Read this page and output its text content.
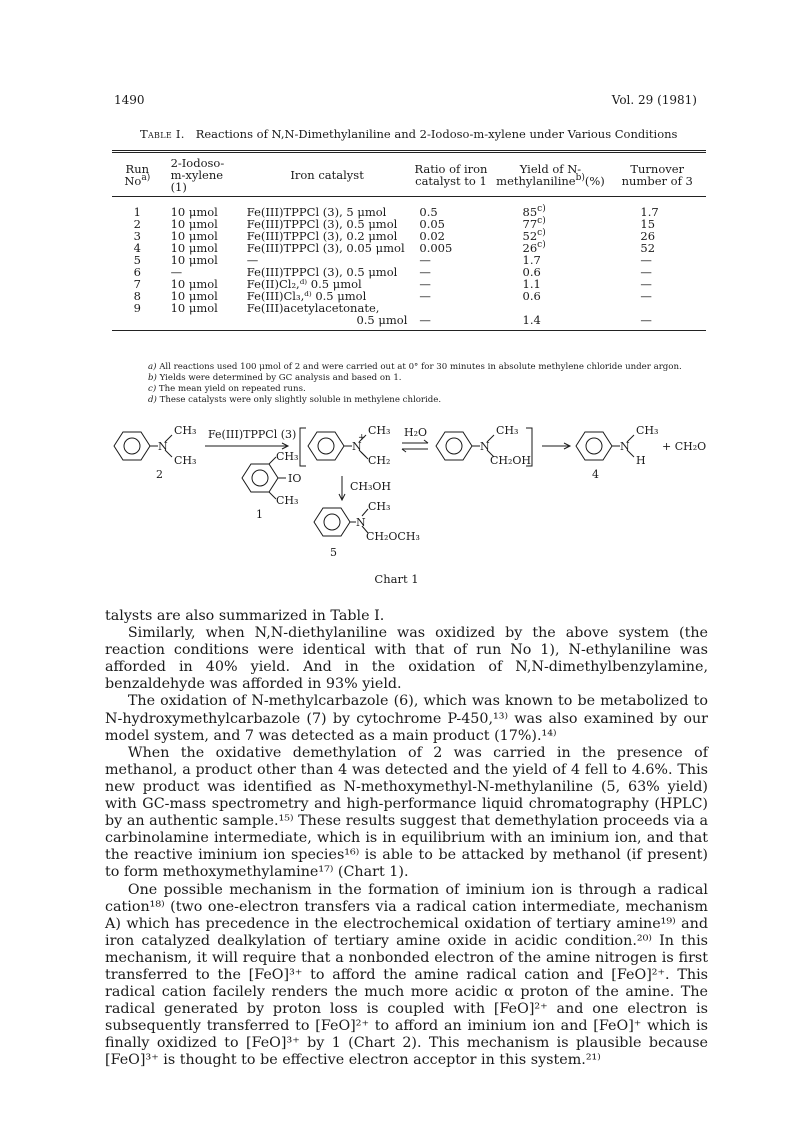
1490	Vol. 29 (1981)
Table I. Reactions of N,N-Dimethylaniline and 2-Iodoso-m-xylene under Various Conditions
Run No$^{a)}$	2-Iodoso-
m-xylene (1)	Iron catalyst	Ratio of iron
catalyst to 1	Yield of N-
methylaniline$^{b)}$(%)	Turnover
number of 3
1	10 μmol	Fe(III)TPPCl (3), 5 μmol	0.5	85$^{c)}$	1.7
2	10 μmol	Fe(III)TPPCl (3), 0.5 μmol	0.05	77$^{c)}$	15
3	10 μmol	Fe(III)TPPCl (3), 0.2 μmol	0.02	52$^{c)}$	26
4	10 μmol	Fe(III)TPPCl (3), 0.05 μmol	0.005	26$^{c)}$	52
5	10 μmol	—	—	1.7	—
6	—	Fe(III)TPPCl (3), 0.5 μmol	—	0.6	—
7	10 μmol	Fe(II)Cl₂,ᵈ⁾ 0.5 μmol	—	1.1	—
8	10 μmol	Fe(III)Cl₃,ᵈ⁾ 0.5 μmol	—	0.6	—
9	10 μmol	Fe(III)acetylacetonate,			
		0.5 μmol	—	1.4	—
a) All reactions used 100 μmol of 2 and were carried out at 0° for 30 minutes in absolute methylene chloride under argon.
b) Yields were determined by GC analysis and based on 1.
c) The mean yield on repeated runs.
d) These catalysts were only slightly soluble in methylene chloride.
CH₃
N
CH₃
2
Fe(III)TPPCl (3)	CH₃
N
+
CH₂
H₂O	CH₃
N
CH₂OH
CH₃
N
H
+ CH₂O
4
CH₃
IO
CH₃
1
CH₃OH
CH₃
N
CH₂OCH₃
5
Chart 1

talysts are also summarized in Table I.

Similarly, when N,N-diethylaniline was oxidized by the above system (the reaction conditions were identical with that of run No 1), N-ethylaniline was afforded in 40% yield. And in the oxidation of N,N-dimethylbenzylamine, benzaldehyde was afforded in 93% yield.

The oxidation of N-methylcarbazole (6), which was known to be metabolized to N-hydroxymethylcarbazole (7) by cytochrome P-450,¹³⁾ was also examined by our model system, and 7 was detected as a main product (17%).¹⁴⁾

When the oxidative demethylation of 2 was carried in the presence of methanol, a product other than 4 was detected and the yield of 4 fell to 4.6%. This new product was identified as N-methoxymethyl-N-methylaniline (5, 63% yield) with GC-mass spectrometry and high-performance liquid chromatography (HPLC) by an authentic sample.¹⁵⁾ These results suggest that demethylation proceeds via a carbinolamine intermediate, which is in equilibrium with an iminium ion, and that the reactive iminium ion species¹⁶⁾ is able to be attacked by methanol (if present) to form methoxymethylamine¹⁷⁾ (Chart 1).

One possible mechanism in the formation of iminium ion is through a radical cation¹⁸⁾ (two one-electron transfers via a radical cation intermediate, mechanism A) which has precedence in the electrochemical oxidation of tertiary amine¹⁹⁾ and iron catalyzed dealkylation of tertiary amine oxide in acidic condition.²⁰⁾ In this mechanism, it will require that a nonbonded electron of the amine nitrogen is first transferred to the [FeO]³⁺ to afford the amine radical cation and [FeO]²⁺. This radical cation facilely renders the much more acidic α proton of the amine. The radical generated by proton loss is coupled with [FeO]²⁺ and one electron is subsequently transferred to [FeO]²⁺ to afford an iminium ion and [FeO]⁺ which is finally oxidized to [FeO]³⁺ by 1 (Chart 2). This mechanism is plausible because [FeO]³⁺ is thought to be effective electron acceptor in this system.²¹⁾
